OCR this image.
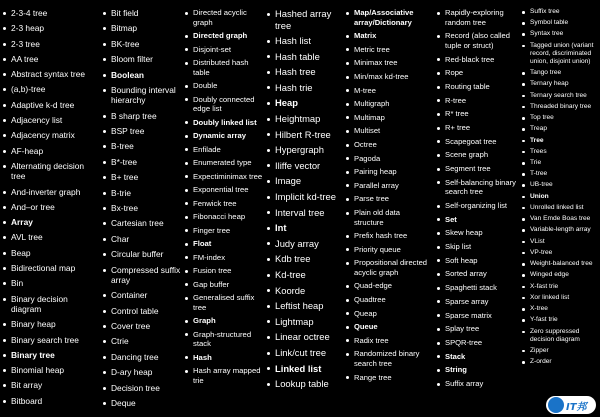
2-3-4 tree
2-3 heap
2-3 tree
AA tree
Abstract syntax tree
(a,b)-tree
Adaptive k-d tree
Adjacency list
Adjacency matrix
AF-heap
Alternating decision tree
And-inverter graph
And–or tree
Array
AVL tree
Beap
Bidirectional map
Bin
Binary decision diagram
Binary heap
Binary search tree
Binary tree
Binomial heap
Bit array
Bitboard
Bit field
Bitmap
BK-tree
Bloom filter
Boolean
Bounding interval hierarchy
B sharp tree
BSP tree
B-tree
B*-tree
B+ tree
B-trie
Bx-tree
Cartesian tree
Char
Circular buffer
Compressed suffix array
Container
Control table
Cover tree
Ctrie
Dancing tree
D-ary heap
Decision tree
Deque
Directed acyclic graph
Directed graph
Disjoint-set
Distributed hash table
Double
Doubly connected edge list
Doubly linked list
Dynamic array
Enfilade
Enumerated type
Expectiminimax tree
Exponential tree
Fenwick tree
Fibonacci heap
Finger tree
Float
FM-index
Fusion tree
Gap buffer
Generalised suffix tree
Graph
Graph-structured stack
Hash
Hash array mapped trie
Hashed array tree
Hash list
Hash table
Hash tree
Hash trie
Heap
Heightmap
Hilbert R-tree
Hypergraph
Iliffe vector
Image
Implicit kd-tree
Interval tree
Int
Judy array
Kdb tree
Kd-tree
Koorde
Leftist heap
Lightmap
Linear octree
Link/cut tree
Linked list
Lookup table
Map/Associative array/Dictionary
Matrix
Metric tree
Minimax tree
Min/max kd-tree
M-tree
Multigraph
Multimap
Multiset
Octree
Pagoda
Pairing heap
Parallel array
Parse tree
Plain old data structure
Prefix hash tree
Priority queue
Propositional directed acyclic graph
Quad-edge
Quadtree
Queap
Queue
Radix tree
Randomized binary search tree
Range tree
Rapidly-exploring random tree
Record (also called tuple or struct)
Red-black tree
Rope
Routing table
R-tree
R* tree
R+ tree
Scapegoat tree
Scene graph
Segment tree
Self-balancing binary search tree
Self-organizing list
Set
Skew heap
Skip list
Soft heap
Sorted array
Spaghetti stack
Sparse array
Sparse matrix
Splay tree
SPQR-tree
Stack
String
Suffix array
Suffix tree
Symbol table
Syntax tree
Tagged union (variant record, discriminated union, disjoint union)
Tango tree
Ternary heap
Ternary search tree
Threaded binary tree
Top tree
Treap
Tree
Trees
Trie
T-tree
UB-tree
Union
Unrolled linked list
Van Emde Boas tree
Variable-length array
VList
VP-tree
Weight-balanced tree
Winged edge
X-fast trie
Xor linked list
X-tree
Y-fast trie
Zero suppressed decision diagram
Zipper
Z-order
IT邦
